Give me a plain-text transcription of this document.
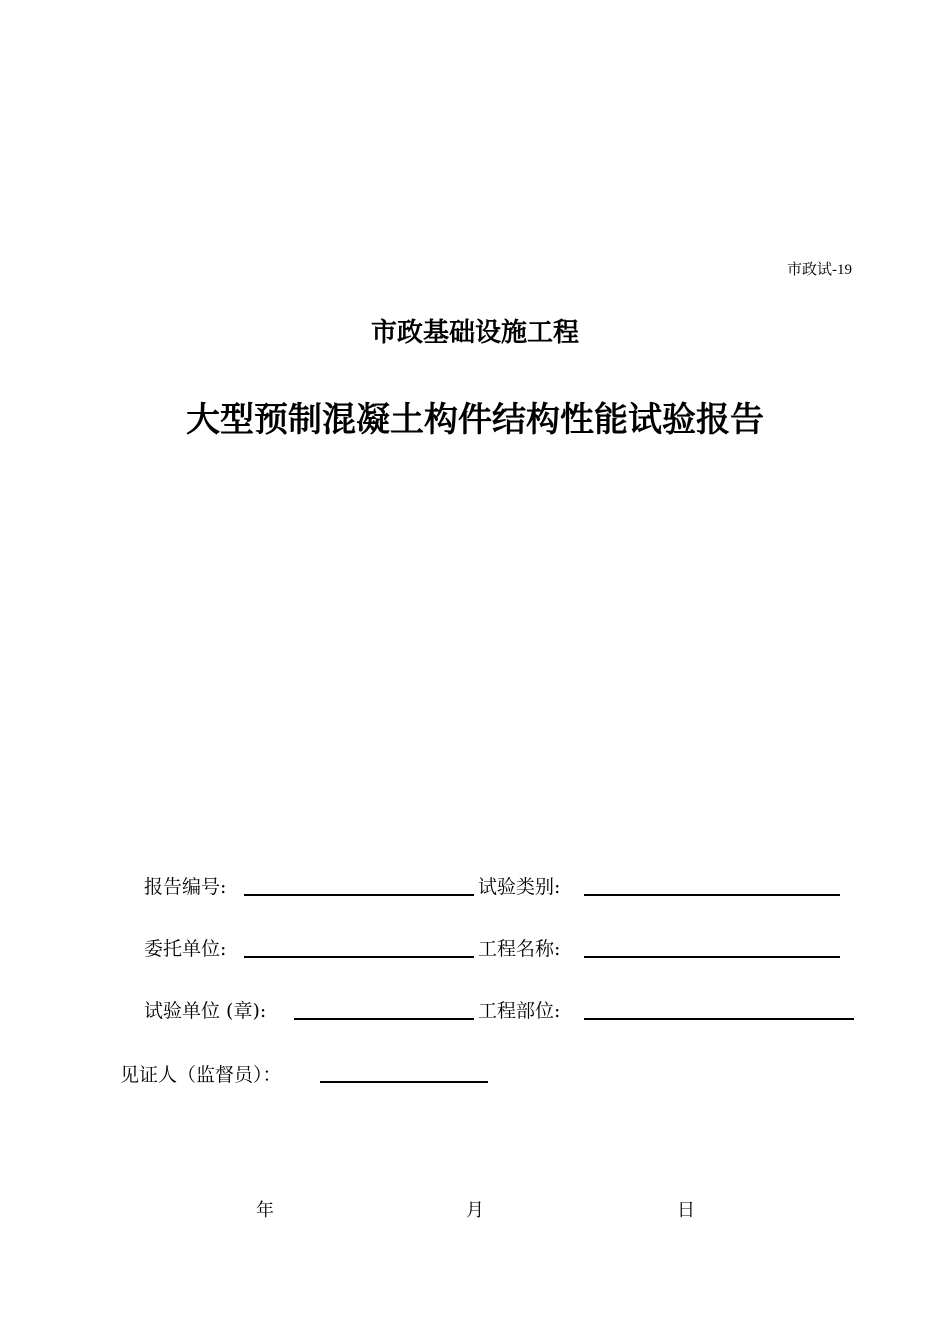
市政试-19
市政基础设施工程
大型预制混凝土构件结构性能试验报告
报告编号:	试验类别:
委托单位:	工程名称:
试验单位 (章):	工程部位:
见证人（监督员）：
年	月	日
